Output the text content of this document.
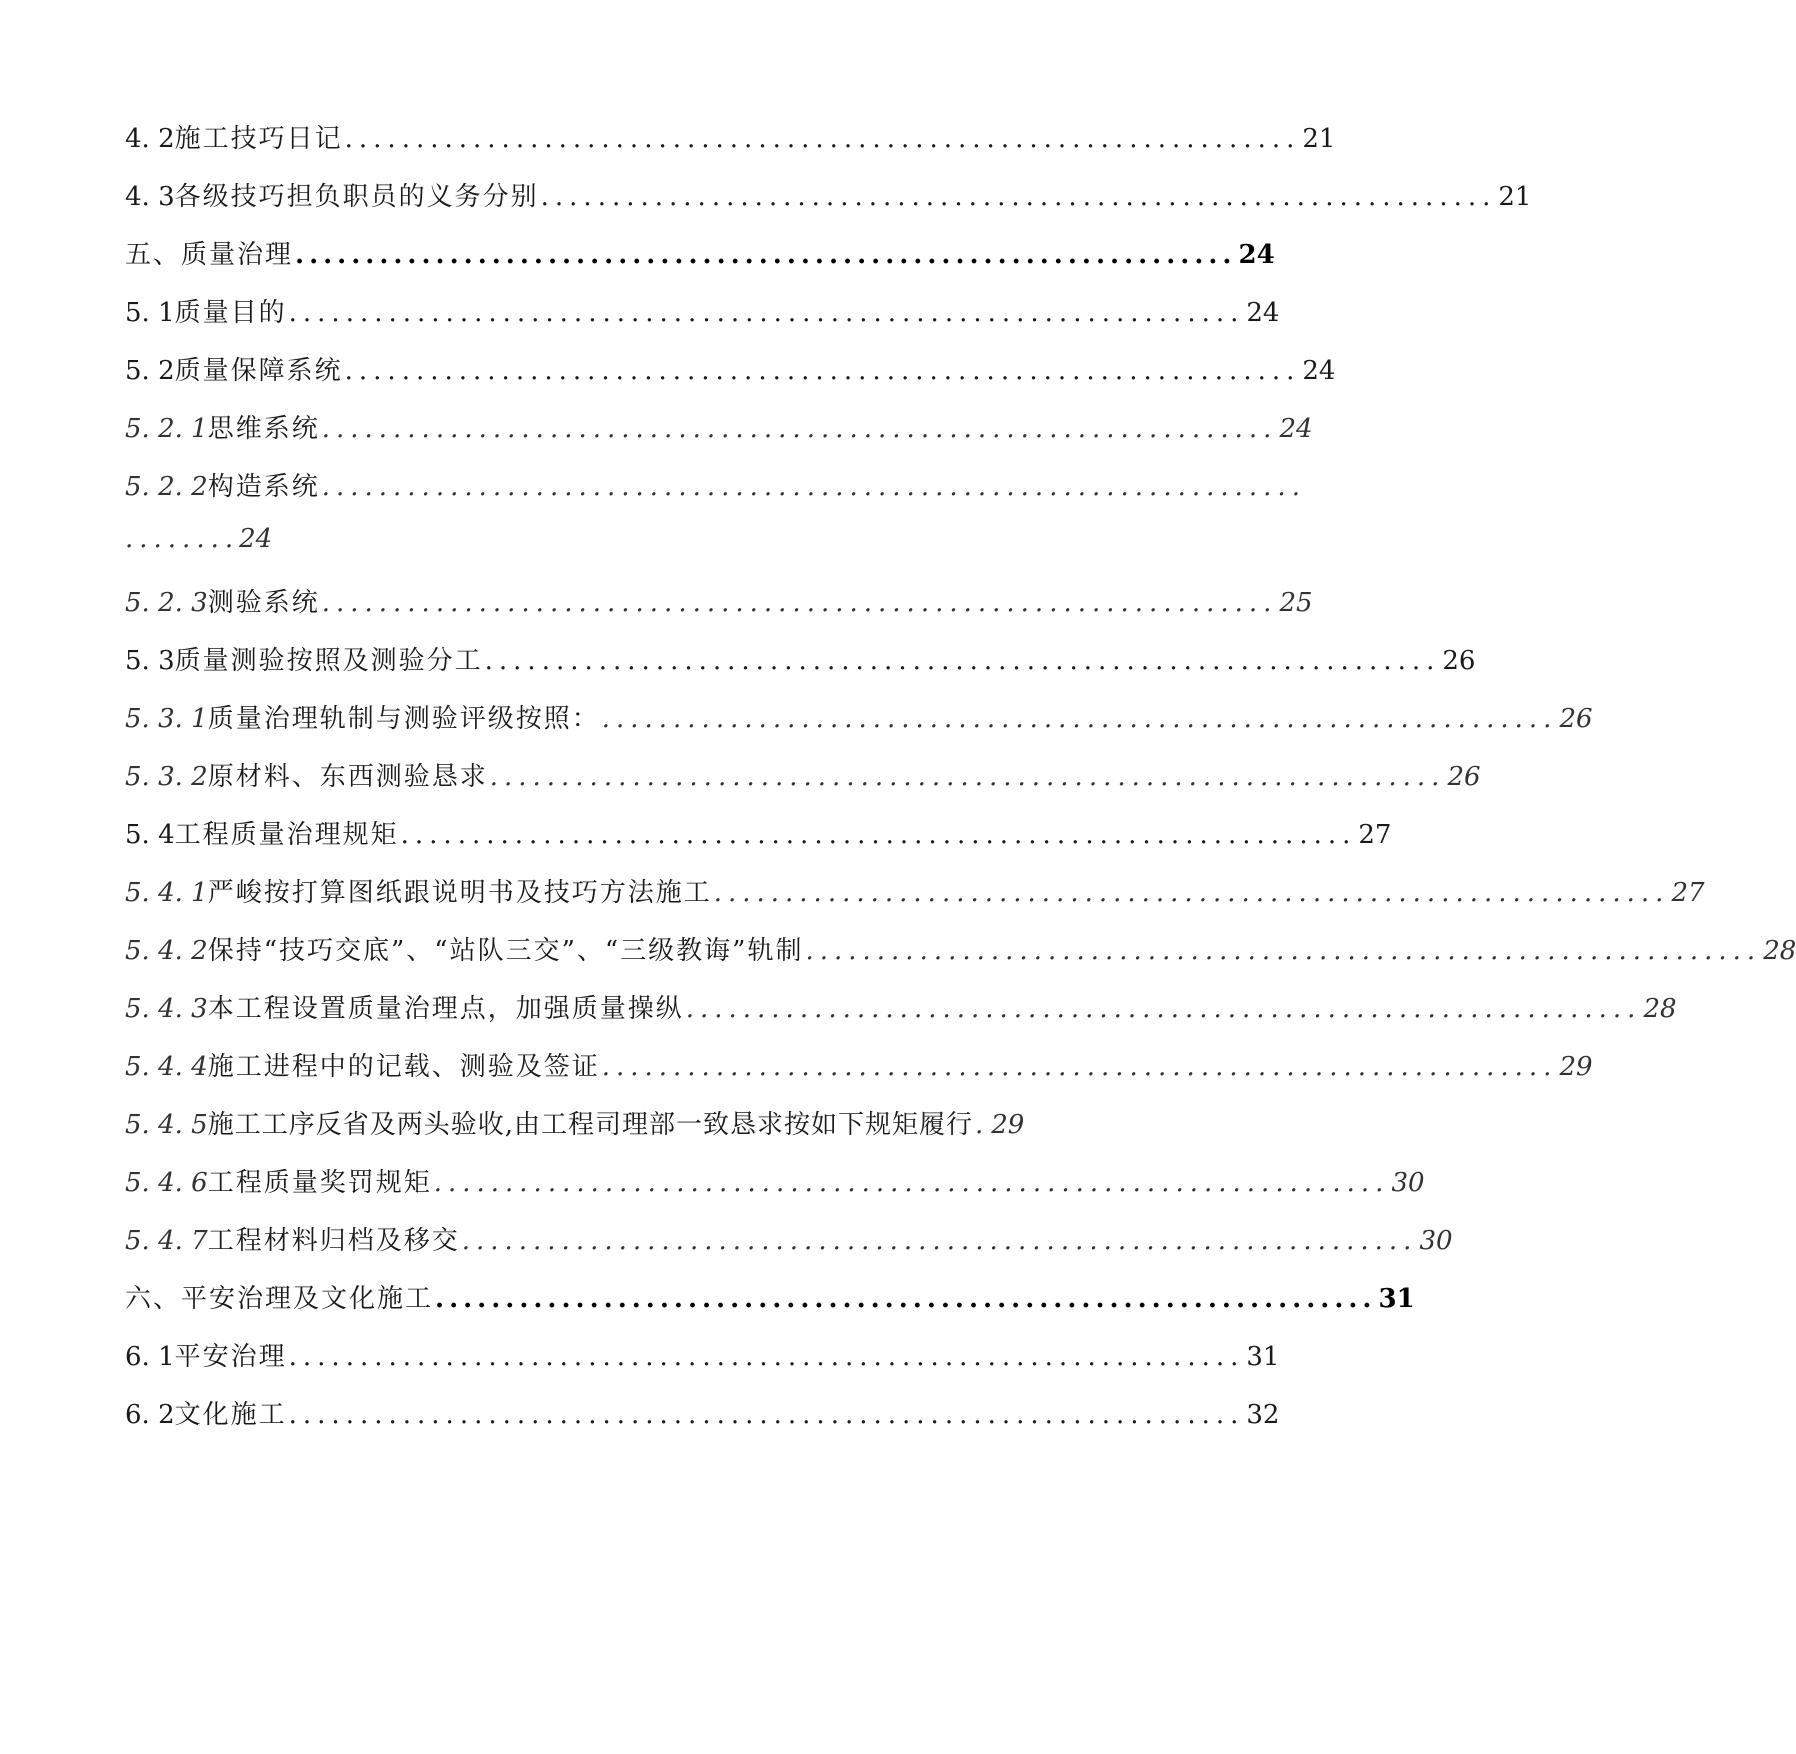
4. 2 施工技巧日记 ................................................................... 21
4. 3 各级技巧担负职员的义务分别 ................................................................... 21
五、质量治理 ................................................................... 24
5. 1 质量目的 ................................................................... 24
5. 2 质量保障系统 ................................................................... 24
5. 2. 1 思维系统 ................................................................... 24
5. 2. 2 构造系统 .....................................................................
........24
5. 2. 3 测验系统 ................................................................... 25
5. 3 质量测验按照及测验分工 ................................................................... 26
5. 3. 1 质量治理轨制与测验评级按照： ................................................................... 26
5. 3. 2 原材料、东西测验恳求 ................................................................... 26
5. 4 工程质量治理规矩 ................................................................... 27
5. 4. 1 严峻按打算图纸跟说明书及技巧方法施工 ................................................................... 27
5. 4. 2 保持“技巧交底”、“站队三交”、“三级教诲”轨制 ................................................................... 28
5. 4. 3 本工程设置质量治理点，加强质量操纵 ................................................................... 28
5. 4. 4 施工进程中的记载、测验及签证 ................................................................... 29
5. 4. 5 施工工序反省及两头验收,由工程司理部一致恳求按如下规矩履行 . 29
5. 4. 6 工程质量奖罚规矩 ................................................................... 30
5. 4. 7 工程材料归档及移交 ................................................................... 30
六、平安治理及文化施工 ................................................................... 31
6. 1 平安治理 ................................................................... 31
6. 2 文化施工 ................................................................... 32
